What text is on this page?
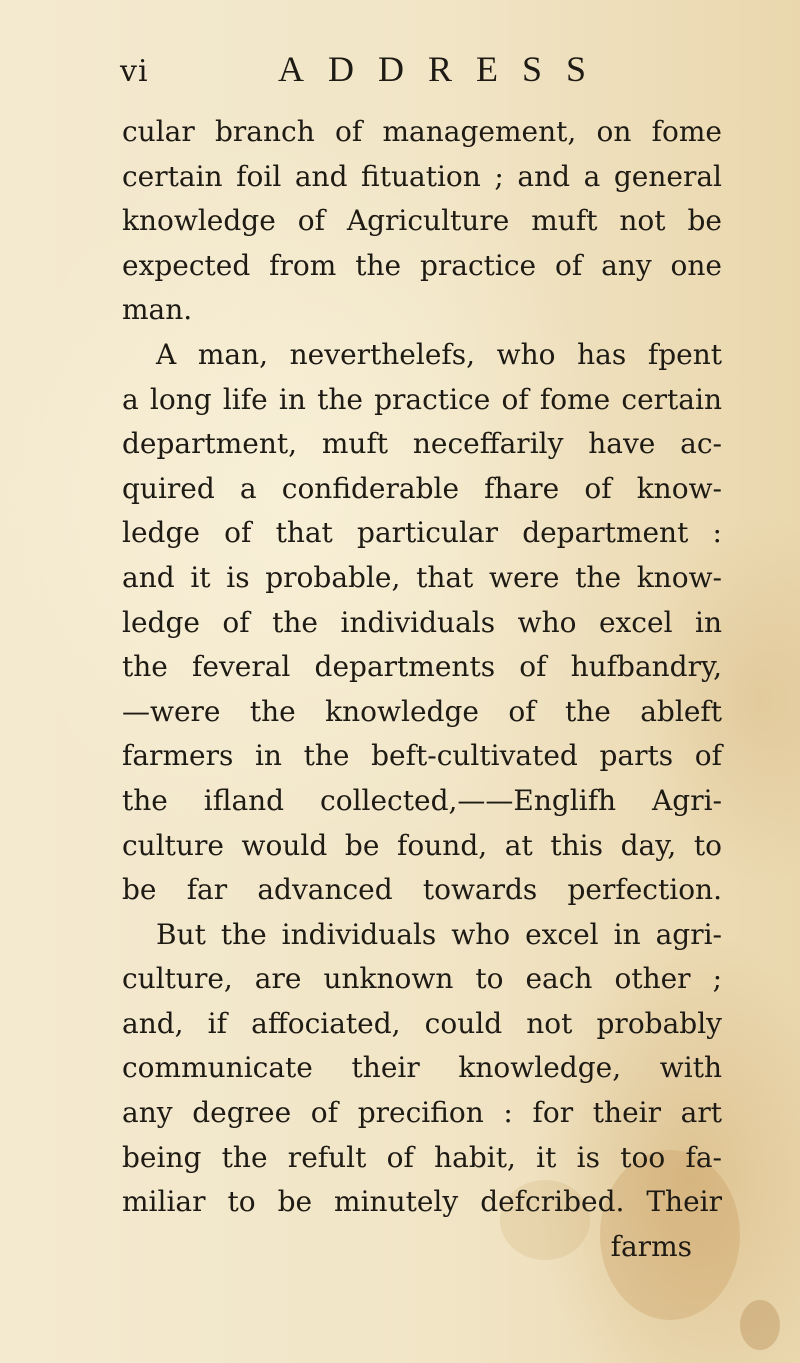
vi	ADDRESS
cular branch of management, on fome
certain foil and fituation ; and a general
knowledge of Agriculture muft not be
expected from the practice of any one
man.
A man, neverthelefs, who has fpent
a long life in the practice of fome certain
department, muft neceffarily have ac-
quired a confiderable fhare of know-
ledge of that particular department :
and it is probable, that were the know-
ledge of the individuals who excel in
the feveral departments of hufbandry,
—were the knowledge of the ableft
farmers in the beft-cultivated parts of
the ifland collected,——Englifh Agri-
culture would be found, at this day, to
be far advanced towards perfection.
But the individuals who excel in agri-
culture, are unknown to each other ;
and, if affociated, could not probably
communicate their knowledge, with
any degree of precifion : for their art
being the refult of habit, it is too fa-
miliar to be minutely defcribed. Their
farms
